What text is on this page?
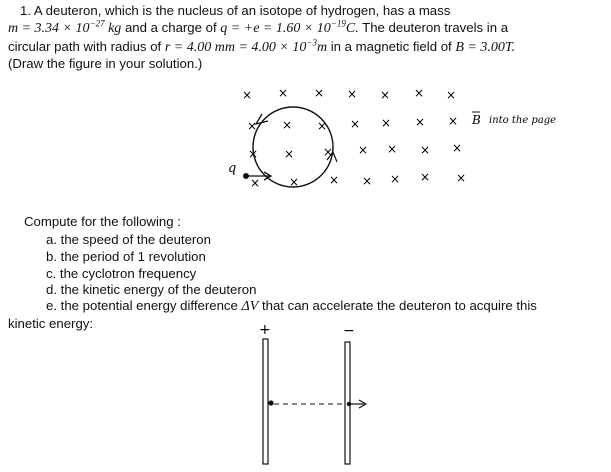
1. A deuteron, which is the nucleus of an isotope of hydrogen, has a mass
$m = 3.34 \times 10^{-27}$ kg and a charge of $q = +e = 1.60 \times 10^{-19}C$. The deuteron travels in a
circular path with radius of r = 4.00 mm = $4.00 \times 10^{-3}m$ in a magnetic field of B = 3.00T.
(Draw the figure in your solution.)
× × × × × × ×
× × × × × × ×
× × × × × × ×
× × × × × × ×
q
B into the page
+	−
Compute for the following :
a. the speed of the deuteron
b. the period of 1 revolution
c. the cyclotron frequency
d. the kinetic energy of the deuteron
e. the potential energy difference ΔV that can accelerate the deuteron to acquire this
kinetic energy:
